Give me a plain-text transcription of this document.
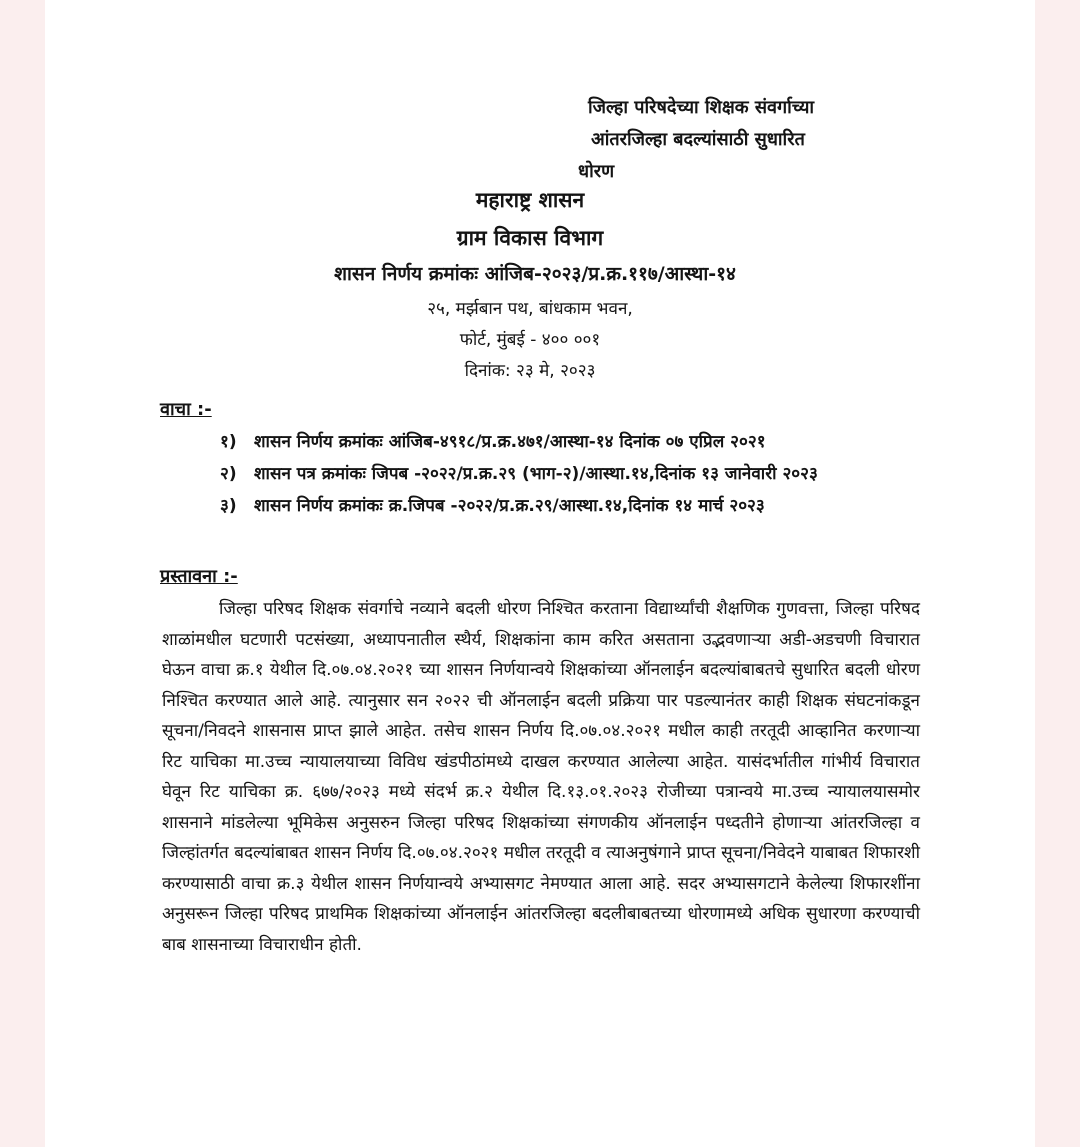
जिल्हा परिषदेच्या शिक्षक संवर्गाच्या
आंतरजिल्हा बदल्यांसाठी सुधारित
धोरण
महाराष्ट्र शासन
ग्राम विकास विभाग
शासन निर्णय क्रमांकः आंजिब-२०२३/प्र.क्र.११७/आस्था-१४
२५, मर्झबान पथ, बांधकाम भवन,
फोर्ट, मुंबई - ४०० ००१
दिनांक: २३ मे, २०२३
वाचा :-
१)	शासन निर्णय क्रमांकः आंजिब-४९१८/प्र.क्र.४७१/आस्था-१४ दिनांक ०७ एप्रिल २०२१
२)	शासन पत्र क्रमांकः जिपब -२०२२/प्र.क्र.२९ (भाग-२)/आस्था.१४,दिनांक १३ जानेवारी २०२३
३)	शासन निर्णय क्रमांकः क्र.जिपब -२०२२/प्र.क्र.२९/आस्था.१४,दिनांक १४ मार्च २०२३
प्रस्तावना :-
जिल्हा परिषद शिक्षक संवर्गाचे नव्याने बदली धोरण निश्चित करताना विद्यार्थ्यांची शैक्षणिक गुणवत्ता, जिल्हा परिषद शाळांमधील घटणारी पटसंख्या, अध्यापनातील स्थैर्य, शिक्षकांना काम करित असताना उद्भवणाऱ्या अडी-अडचणी विचारात घेऊन वाचा क्र.१ येथील दि.०७.०४.२०२१ च्या शासन निर्णयान्वये शिक्षकांच्या ऑनलाईन बदल्यांबाबतचे सुधारित बदली धोरण निश्चित करण्यात आले आहे. त्यानुसार सन २०२२ ची ऑनलाईन बदली प्रक्रिया पार पडल्यानंतर काही शिक्षक संघटनांकडून सूचना/निवदने शासनास प्राप्त झाले आहेत. तसेच शासन निर्णय दि.०७.०४.२०२१ मधील काही तरतूदी आव्हानित करणाऱ्या रिट याचिका मा.उच्च न्यायालयाच्या विविध खंडपीठांमध्ये दाखल करण्यात आलेल्या आहेत. यासंदर्भातील गांभीर्य विचारात घेवून रिट याचिका क्र. ६७७/२०२३ मध्ये संदर्भ क्र.२ येथील दि.१३.०१.२०२३ रोजीच्या पत्रान्वये मा.उच्च न्यायालयासमोर शासनाने मांडलेल्या भूमिकेस अनुसरुन जिल्हा परिषद शिक्षकांच्या संगणकीय ऑनलाईन पध्दतीने होणाऱ्या आंतरजिल्हा व जिल्हांतर्गत बदल्यांबाबत शासन निर्णय दि.०७.०४.२०२१ मधील तरतूदी व त्याअनुषंगाने प्राप्त सूचना/निवेदने याबाबत शिफारशी करण्यासाठी वाचा क्र.३ येथील शासन निर्णयान्वये अभ्यासगट नेमण्यात आला आहे. सदर अभ्यासगटाने केलेल्या शिफारशींना अनुसरून जिल्हा परिषद प्राथमिक शिक्षकांच्या ऑनलाईन आंतरजिल्हा बदलीबाबतच्या धोरणामध्ये अधिक सुधारणा करण्याची बाब शासनाच्या विचाराधीन होती.
